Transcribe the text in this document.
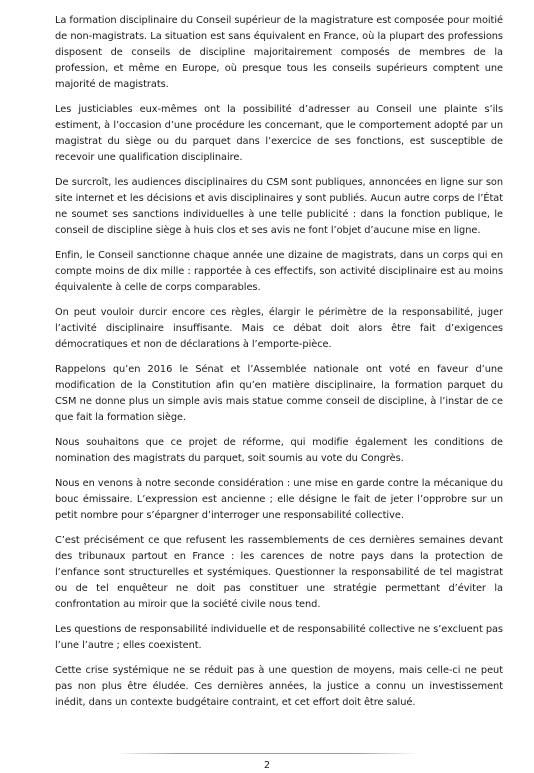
La formation disciplinaire du Conseil supérieur de la magistrature est composée pour moitié de non-magistrats. La situation est sans équivalent en France, où la plupart des professions disposent de conseils de discipline majoritairement composés de membres de la profession, et même en Europe, où presque tous les conseils supérieurs comptent une majorité de magistrats.

Les justiciables eux-mêmes ont la possibilité d’adresser au Conseil une plainte s’ils estiment, à l’occasion d’une procédure les concernant, que le comportement adopté par un magistrat du siège ou du parquet dans l’exercice de ses fonctions, est susceptible de recevoir une qualification disciplinaire.

De surcroît, les audiences disciplinaires du CSM sont publiques, annoncées en ligne sur son site internet et les décisions et avis disciplinaires y sont publiés. Aucun autre corps de l’État ne soumet ses sanctions individuelles à une telle publicité : dans la fonction publique, le conseil de discipline siège à huis clos et ses avis ne font l’objet d’aucune mise en ligne.

Enfin, le Conseil sanctionne chaque année une dizaine de magistrats, dans un corps qui en compte moins de dix mille : rapportée à ces effectifs, son activité disciplinaire est au moins équivalente à celle de corps comparables.

On peut vouloir durcir encore ces règles, élargir le périmètre de la responsabilité, juger l’activité disciplinaire insuffisante. Mais ce débat doit alors être fait d’exigences démocratiques et non de déclarations à l’emporte-pièce.

Rappelons qu’en 2016 le Sénat et l’Assemblée nationale ont voté en faveur d’une modification de la Constitution afin qu’en matière disciplinaire, la formation parquet du CSM ne donne plus un simple avis mais statue comme conseil de discipline, à l’instar de ce que fait la formation siège.

Nous souhaitons que ce projet de réforme, qui modifie également les conditions de nomination des magistrats du parquet, soit soumis au vote du Congrès.

Nous en venons à notre seconde considération : une mise en garde contre la mécanique du bouc émissaire. L’expression est ancienne ; elle désigne le fait de jeter l’opprobre sur un petit nombre pour s’épargner d’interroger une responsabilité collective.

C’est précisément ce que refusent les rassemblements de ces dernières semaines devant des tribunaux partout en France : les carences de notre pays dans la protection de l’enfance sont structurelles et systémiques. Questionner la responsabilité de tel magistrat ou de tel enquêteur ne doit pas constituer une stratégie permettant d’éviter la confrontation au miroir que la société civile nous tend.

Les questions de responsabilité individuelle et de responsabilité collective ne s’excluent pas l’une l’autre ; elles coexistent.

Cette crise systémique ne se réduit pas à une question de moyens, mais celle-ci ne peut pas non plus être éludée. Ces dernières années, la justice a connu un investissement inédit, dans un contexte budgétaire contraint, et cet effort doit être salué.

2
